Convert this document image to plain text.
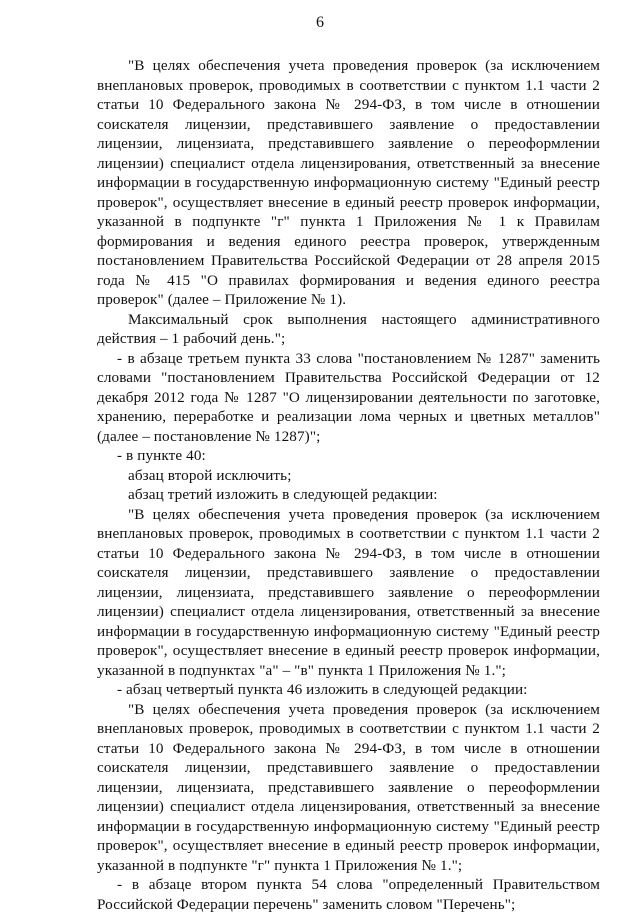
6

"В целях обеспечения учета проведения проверок (за исключением внеплановых проверок, проводимых в соответствии с пунктом 1.1 части 2 статьи 10 Федерального закона № 294-ФЗ, в том числе в отношении соискателя лицензии, представившего заявление о предоставлении лицензии, лицензиата, представившего заявление о переоформлении лицензии) специалист отдела лицензирования, ответственный за внесение информации в государственную информационную систему "Единый реестр проверок", осуществляет внесение в единый реестр проверок информации, указанной в подпункте "г" пункта 1 Приложения № 1 к Правилам формирования и ведения единого реестра проверок, утвержденным постановлением Правительства Российской Федерации от 28 апреля 2015 года № 415 "О правилах формирования и ведения единого реестра проверок" (далее – Приложение № 1).

Максимальный срок выполнения настоящего административного действия – 1 рабочий день.";

- в абзаце третьем пункта 33 слова "постановлением № 1287" заменить словами "постановлением Правительства Российской Федерации от 12 декабря 2012 года № 1287 "О лицензировании деятельности по заготовке, хранению, переработке и реализации лома черных и цветных металлов" (далее – постановление № 1287)";

- в пункте 40:

абзац второй исключить;

абзац третий изложить в следующей редакции:

"В целях обеспечения учета проведения проверок (за исключением внеплановых проверок, проводимых в соответствии с пунктом 1.1 части 2 статьи 10 Федерального закона № 294-ФЗ, в том числе в отношении соискателя лицензии, представившего заявление о предоставлении лицензии, лицензиата, представившего заявление о переоформлении лицензии) специалист отдела лицензирования, ответственный за внесение информации в государственную информационную систему "Единый реестр проверок", осуществляет внесение в единый реестр проверок информации, указанной в подпунктах "а" – "в" пункта 1 Приложения № 1.";

- абзац четвертый пункта 46 изложить в следующей редакции:

"В целях обеспечения учета проведения проверок (за исключением внеплановых проверок, проводимых в соответствии с пунктом 1.1 части 2 статьи 10 Федерального закона № 294-ФЗ, в том числе в отношении соискателя лицензии, представившего заявление о предоставлении лицензии, лицензиата, представившего заявление о переоформлении лицензии) специалист отдела лицензирования, ответственный за внесение информации в государственную информационную систему "Единый реестр проверок", осуществляет внесение в единый реестр проверок информации, указанной в подпункте "г" пункта 1 Приложения № 1.";

- в абзаце втором пункта 54 слова "определенный Правительством Российской Федерации перечень" заменить словом "Перечень";
